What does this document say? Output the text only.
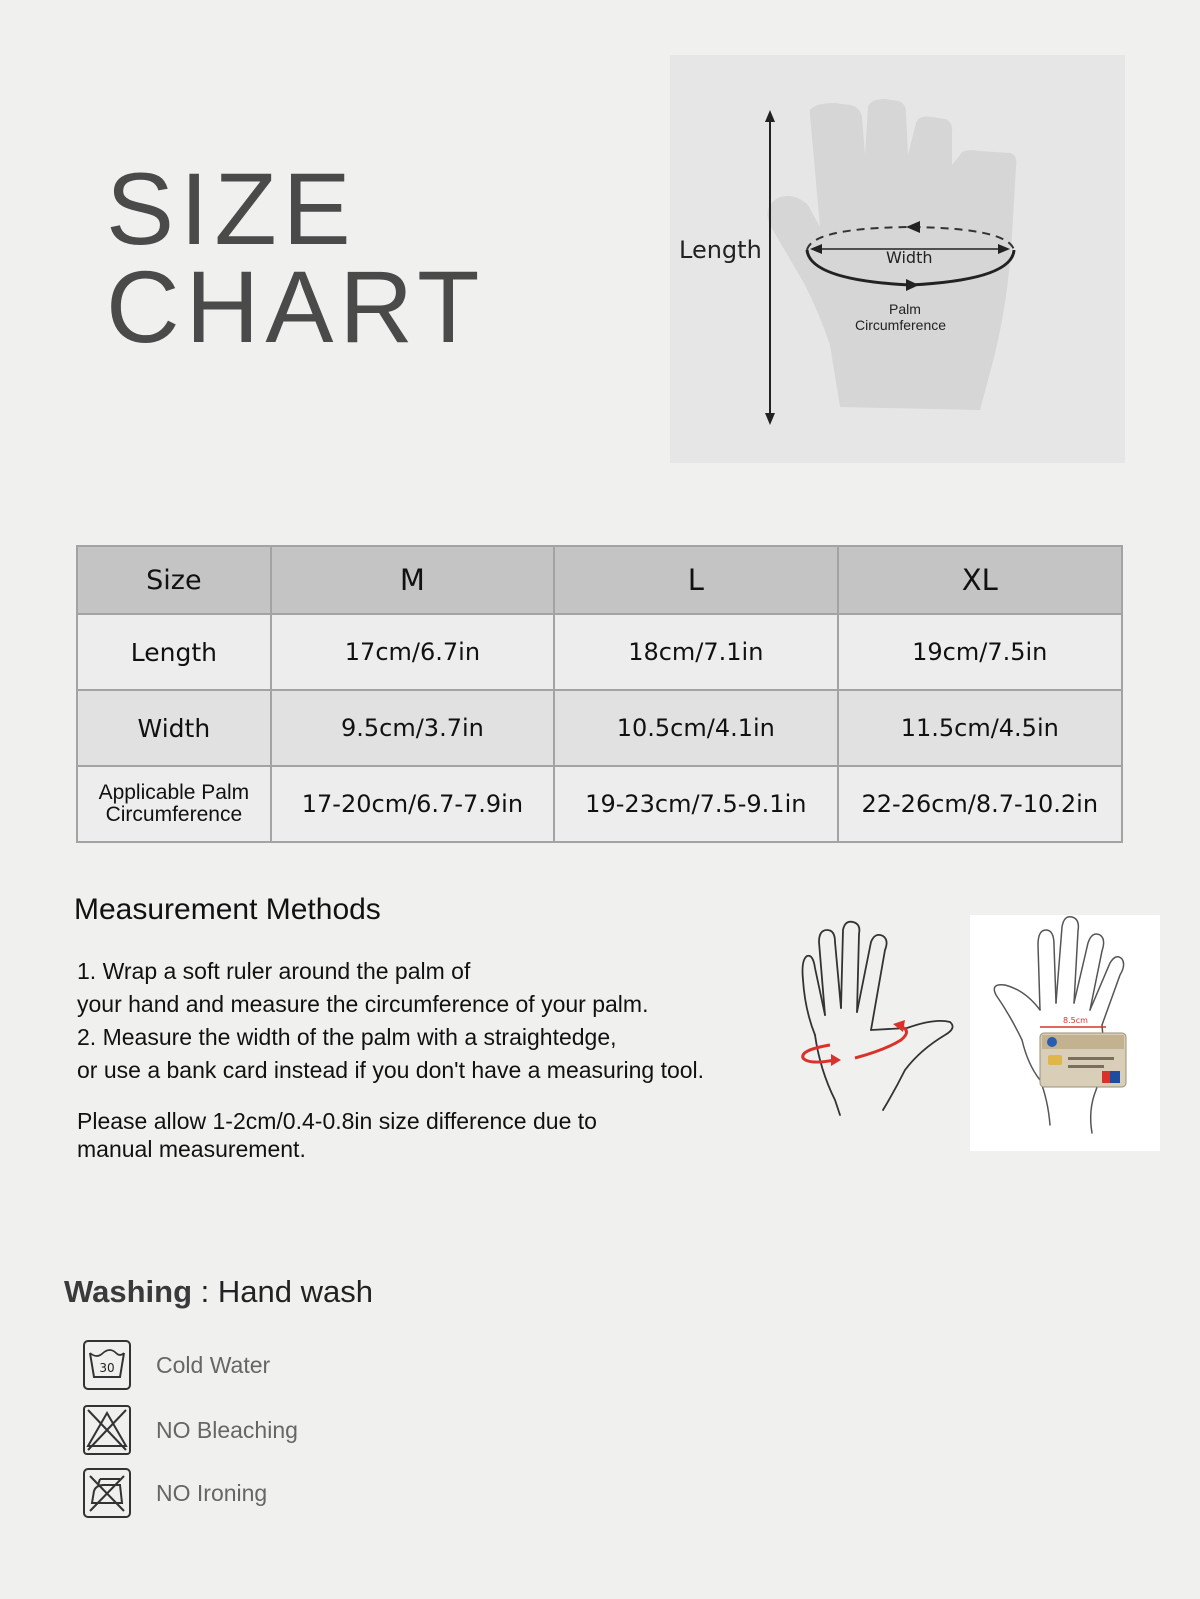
SIZE
CHART	Length	Width
Palm
Circumference
Size	M	L	XL
Length	17cm/6.7in	18cm/7.1in	19cm/7.5in
Width	9.5cm/3.7in	10.5cm/4.1in	11.5cm/4.5in

Applicable Palm
Circumference	17-20cm/6.7-7.9in	19-23cm/7.5-9.1in	22-26cm/8.7-10.2in
Measurement Methods
1. Wrap a soft ruler around the palm of
your hand and measure the circumference of your palm.
2. Measure the width of the palm with a straightedge,
or use a bank card instead if you don't have a measuring tool.
Please allow 1-2cm/0.4-0.8in size difference due to
manual measurement.
8.5cm
Washing : Hand wash
30 Cold Water
NO Bleaching
NO Ironing
